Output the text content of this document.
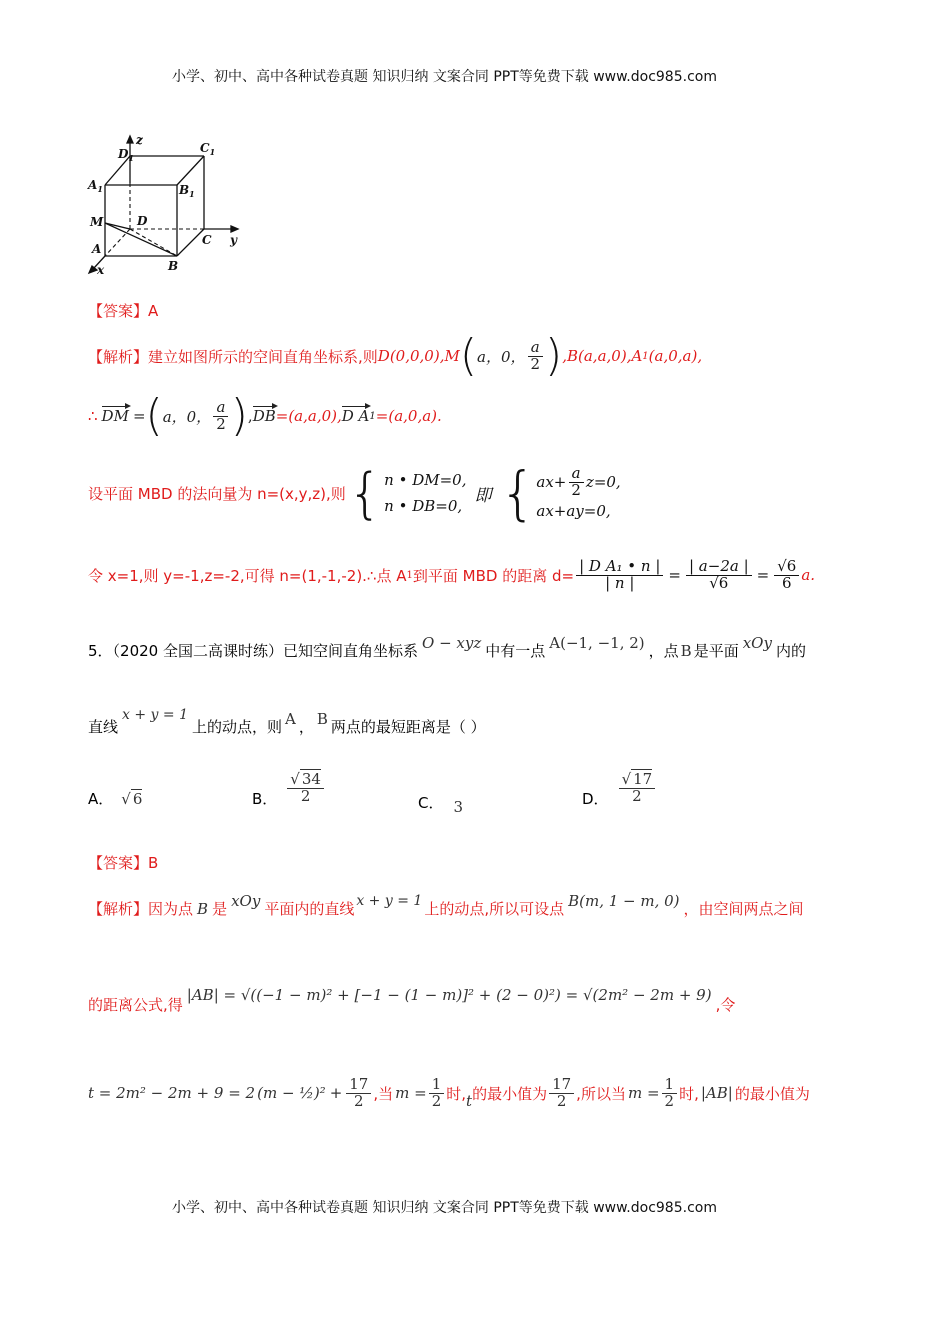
小学、初中、高中各种试卷真题 知识归纳 文案合同 PPT等免费下载 www.doc985.com
z
y
x
$D_1$
$C_1$
$A_1$	$B_1$
M	D
C
A
B
【答案】A
【解析】 建立如图所示的空间直角坐标系,则 D(0,0,0),M ( a，0， $\frac{a}{2}$ ) ,B(a,a,0),A 1 (a,0,a),
∴ DM = ( a，0， $\frac{a}{2}$ ) , DB =(a,a,0), D A 1 =(a,0,a).
设平面 MBD 的法向量为 n=(x,y,z),则 { n • DM=0,
n • DB=0,
即 { $ax+ \frac{a}{2} z=0$,
ax+ay=0,
令 x=1,则 y=-1,z=-2,可得 n=(1,-1,-2).∴点 A 1 到平面 MBD 的距离 $d= \frac{\text{| D A₁ • n |}}{| n |} = \frac{| a-2a |}{√6} = \frac{√6}{6} a$.
5．（2020 全国二高课时练）已知空间直角坐标系 O − xyz 中有一点 A(−1, −1, 2) ，点 B 是平面 xOy 内的
直线
x + y = 1
上的动点，则 A ， B 两点的最短距离是（ ）
A． √ 6	B． $\frac{√ 34}{2}$	C． 3	D． $\frac{√ 17}{2}$
【答案】B
【解析】 因为点 B 是 xOy 平面内的直线 x + y = 1 上的动点,所以可设点 B(m, 1 − m, 0) ，由空间两点之间
的距离公式,得
|AB| = √((−1 − m)² + [−1 − (1 − m)]² + (2 − 0)²) = √(2m² − 2m + 9)
,令
t = 2m² − 2m + 9 = 2 (m − ½)² + $\frac{17}{2}$ ,当 $m = \frac{1}{2}$ 时, t 的最小值为 $\frac{17}{2}$ ,所以当 $m = \frac{1}{2}$ 时, |AB| 的最小值为
小学、初中、高中各种试卷真题 知识归纳 文案合同 PPT等免费下载 www.doc985.com
